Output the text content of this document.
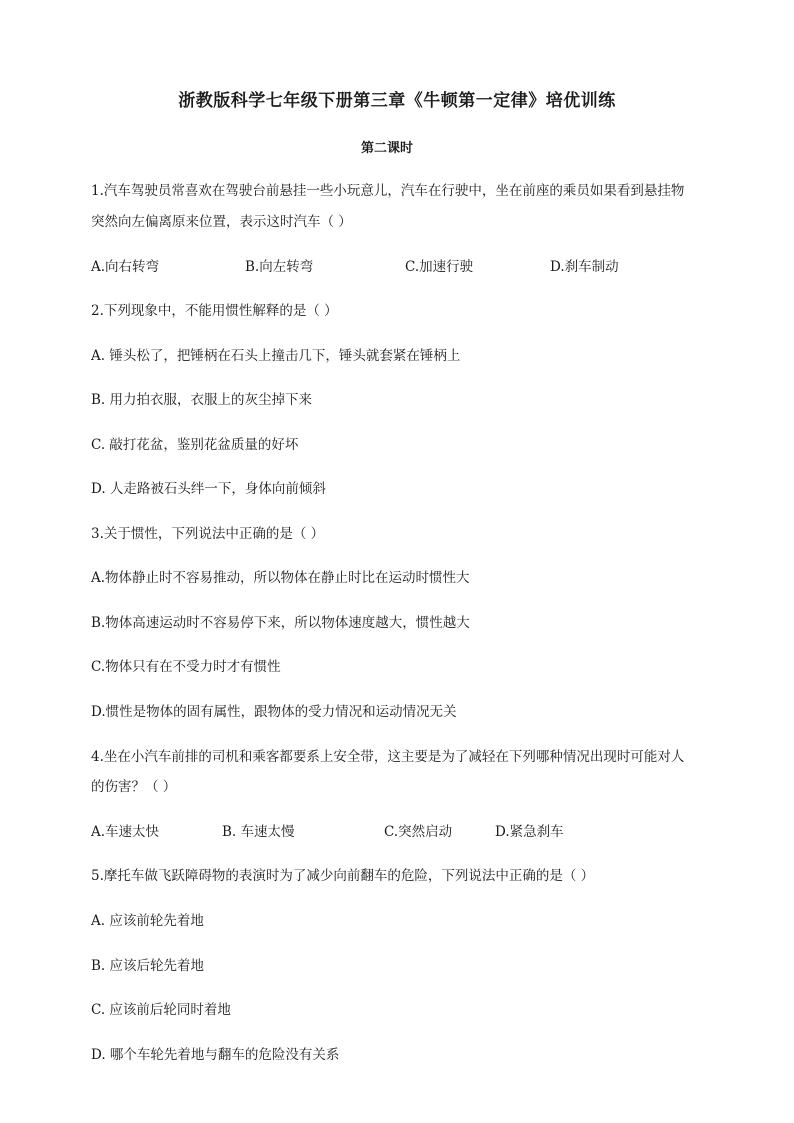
浙教版科学七年级下册第三章《牛顿第一定律》培优训练
第二课时
1.汽车驾驶员常喜欢在驾驶台前悬挂一些小玩意儿，汽车在行驶中，坐在前座的乘员如果看到悬挂物
突然向左偏离原来位置，表示这时汽车（ ）
A.向右转弯	B.向左转弯	C.加速行驶	D.刹车制动
2.下列现象中，不能用惯性解释的是（ ）
A. 锤头松了，把锤柄在石头上撞击几下，锤头就套紧在锤柄上
B. 用力拍衣服，衣服上的灰尘掉下来
C. 敲打花盆，鉴别花盆质量的好坏
D. 人走路被石头绊一下，身体向前倾斜
3.关于惯性，下列说法中正确的是（ ）
A.物体静止时不容易推动，所以物体在静止时比在运动时惯性大
B.物体高速运动时不容易停下来，所以物体速度越大，惯性越大
C.物体只有在不受力时才有惯性
D.惯性是物体的固有属性，跟物体的受力情况和运动情况无关
4.坐在小汽车前排的司机和乘客都要系上安全带，这主要是为了减轻在下列哪种情况出现时可能对人
的伤害？（ ）
A.车速太快	B. 车速太慢	C.突然启动	D.紧急刹车
5.摩托车做飞跃障碍物的表演时为了减少向前翻车的危险，下列说法中正确的是（ ）
A. 应该前轮先着地
B. 应该后轮先着地
C. 应该前后轮同时着地
D. 哪个车轮先着地与翻车的危险没有关系
